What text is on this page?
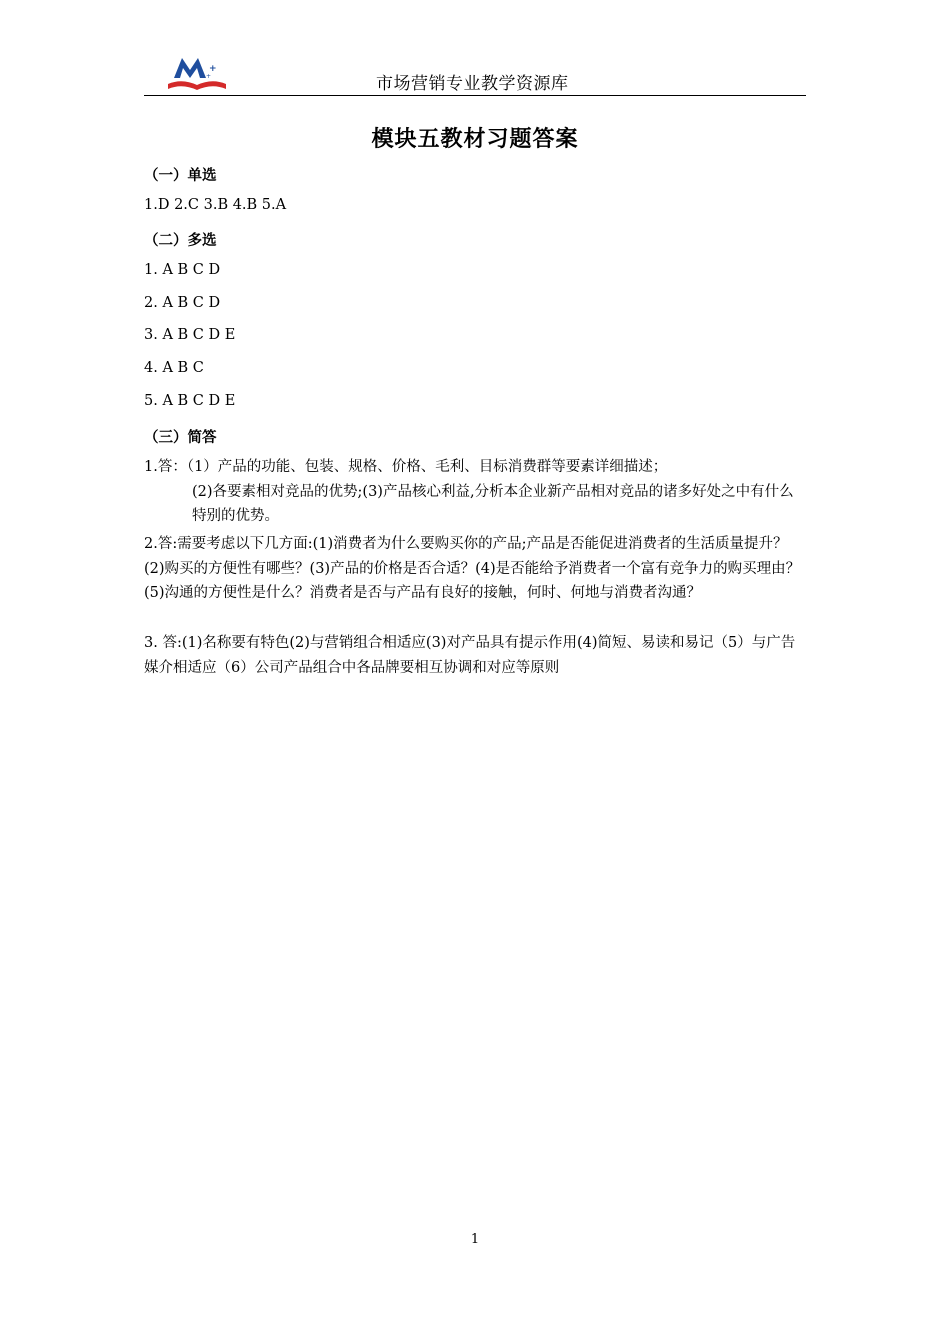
+
+	市场营销专业教学资源库
模块五教材习题答案
（一）单选
1.D 2.C 3.B 4.B 5.A
（二）多选
1. A B C D
2. A B C D
3. A B C D E
4. A B C
5. A B C D E
（三）简答

1.答：（1）产品的功能、包装、规格、价格、毛利、目标消费群等要素详细描述；

(2)各要素相对竞品的优势;(3)产品核心利益,分析本企业新产品相对竞品的诸多好处之中有什么特别的优势。

2.答:需要考虑以下几方面:(1)消费者为什么要购买你的产品;产品是否能促进消费者的生活质量提升？(2)购买的方便性有哪些？(3)产品的价格是否合适？(4)是否能给予消费者一个富有竞争力的购买理由？(5)沟通的方便性是什么？消费者是否与产品有良好的接触，何时、何地与消费者沟通？

3. 答:(1)名称要有特色(2)与营销组合相适应(3)对产品具有提示作用(4)简短、易读和易记（5）与广告媒介相适应（6）公司产品组合中各品牌要相互协调和对应等原则

1
